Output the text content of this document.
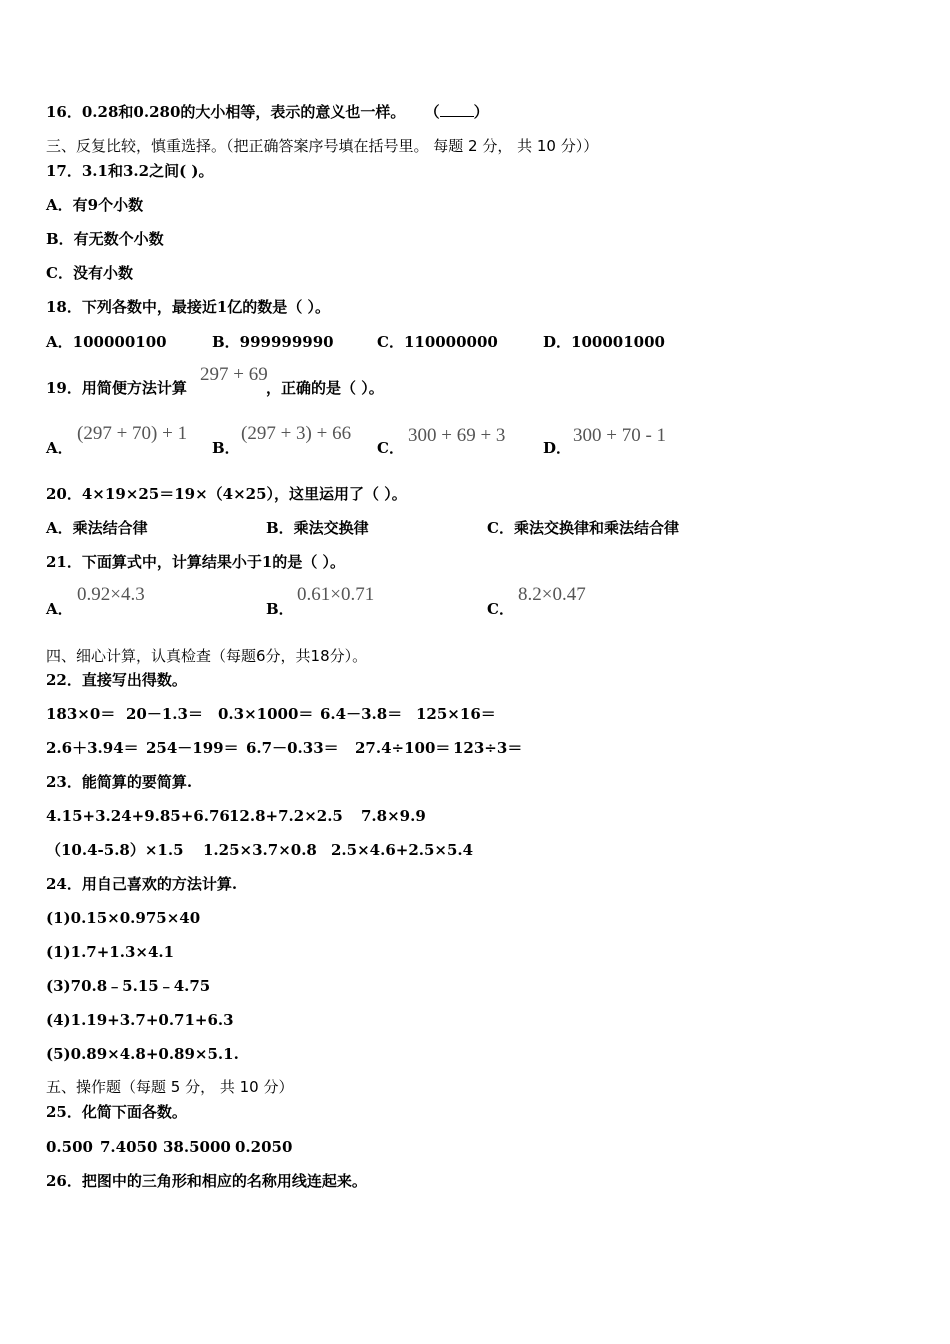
16．0.28和0.280的大小相等，表示的意义也一样。 （ ）
三、反复比较，慎重选择。（把正确答案序号填在括号里。 每题 2 分， 共 10 分））
17．3.1和3.2之间( )。
A．有9个小数
B．有无数个小数
C．没有小数
18．下列各数中，最接近1亿的数是（ ）。
A．100000100	B．999999990	C．110000000	D．100001000
19．用简便方法计算
297 + 69
，正确的是（ ）。
A．
(297 + 70) + 1
B．
(297 + 3) + 66
C．
300 + 69 + 3
D．
300 + 70 - 1
20．4×19×25＝19×（4×25），这里运用了（ ）。
A．乘法结合律	B．乘法交换律	C．乘法交换律和乘法结合律
21．下面算式中，计算结果小于1的是（ ）。
A．
0.92×4.3
B．
0.61×0.71
C．
8.2×0.47
四、细心计算，认真检查（每题6分，共18分）。
22．直接写出得数。
183×0＝ 20－1.3＝ 0.3×1000＝ 6.4－3.8＝ 125×16＝
2.6＋3.94＝ 254－199＝ 6.7－0.33＝ 27.4÷100＝ 123÷3＝
23．能简算的要简算.
4.15+3.24+9.85+6.76 12.8+7.2×2.5 7.8×9.9
（10.4-5.8）×1.5 1.25×3.7×0.8 2.5×4.6+2.5×5.4
24．用自己喜欢的方法计算.
(1)0.15×0.975×40
(1)1.7+1.3×4.1
(3)70.8﹣5.15﹣4.75
(4)1.19+3.7+0.71+6.3
(5)0.89×4.8+0.89×5.1.
五、操作题（每题 5 分， 共 10 分）
25．化简下面各数。
0.500 7.4050 38.5000 0.2050
26．把图中的三角形和相应的名称用线连起来。
